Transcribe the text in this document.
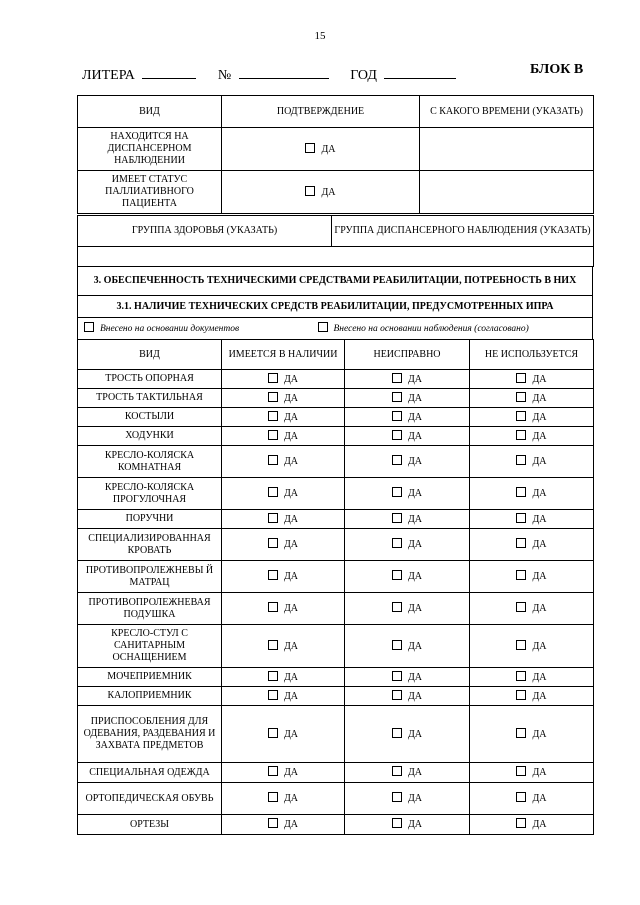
15
ЛИТЕРА	№	ГОД	БЛОК В
ВИД	ПОДТВЕРЖДЕНИЕ	С КАКОГО ВРЕМЕНИ (УКАЗАТЬ)
НАХОДИТСЯ НА ДИСПАНСЕРНОМ НАБЛЮДЕНИИ	ДА	
ИМЕЕТ СТАТУС ПАЛЛИАТИВНОГО ПАЦИЕНТА	ДА	
ГРУППА ЗДОРОВЬЯ (УКАЗАТЬ)	ГРУППА ДИСПАНСЕРНОГО НАБЛЮДЕНИЯ (УКАЗАТЬ)

3. ОБЕСПЕЧЕННОСТЬ ТЕХНИЧЕСКИМИ СРЕДСТВАМИ РЕАБИЛИТАЦИИ, ПОТРЕБНОСТЬ В НИХ
3.1. НАЛИЧИЕ ТЕХНИЧЕСКИХ СРЕДСТВ РЕАБИЛИТАЦИИ, ПРЕДУСМОТРЕННЫХ ИПРА
Внесено на основании документов	Внесено на основании наблюдения (согласовано)
ВИД	ИМЕЕТСЯ В НАЛИЧИИ	НЕИСПРАВНО	НЕ ИСПОЛЬЗУЕТСЯ
ТРОСТЬ ОПОРНАЯ	ДА	ДА	ДА
ТРОСТЬ ТАКТИЛЬНАЯ	ДА	ДА	ДА
КОСТЫЛИ	ДА	ДА	ДА
ХОДУНКИ	ДА	ДА	ДА
КРЕСЛО-КОЛЯСКА КОМНАТНАЯ	ДА	ДА	ДА
КРЕСЛО-КОЛЯСКА ПРОГУЛОЧНАЯ	ДА	ДА	ДА
ПОРУЧНИ	ДА	ДА	ДА
СПЕЦИАЛИЗИРОВАННАЯ КРОВАТЬ	ДА	ДА	ДА
ПРОТИВОПРОЛЕЖНЕВЫ Й МАТРАЦ	ДА	ДА	ДА
ПРОТИВОПРОЛЕЖНЕВАЯ ПОДУШКА	ДА	ДА	ДА
КРЕСЛО-СТУЛ С САНИТАРНЫМ ОСНАЩЕНИЕМ	ДА	ДА	ДА
МОЧЕПРИЕМНИК	ДА	ДА	ДА
КАЛОПРИЕМНИК	ДА	ДА	ДА
ПРИСПОСОБЛЕНИЯ ДЛЯ ОДЕВАНИЯ, РАЗДЕВАНИЯ И ЗАХВАТА ПРЕДМЕТОВ	ДА	ДА	ДА
СПЕЦИАЛЬНАЯ ОДЕЖДА	ДА	ДА	ДА
ОРТОПЕДИЧЕСКАЯ ОБУВЬ	ДА	ДА	ДА
ОРТЕЗЫ	ДА	ДА	ДА
